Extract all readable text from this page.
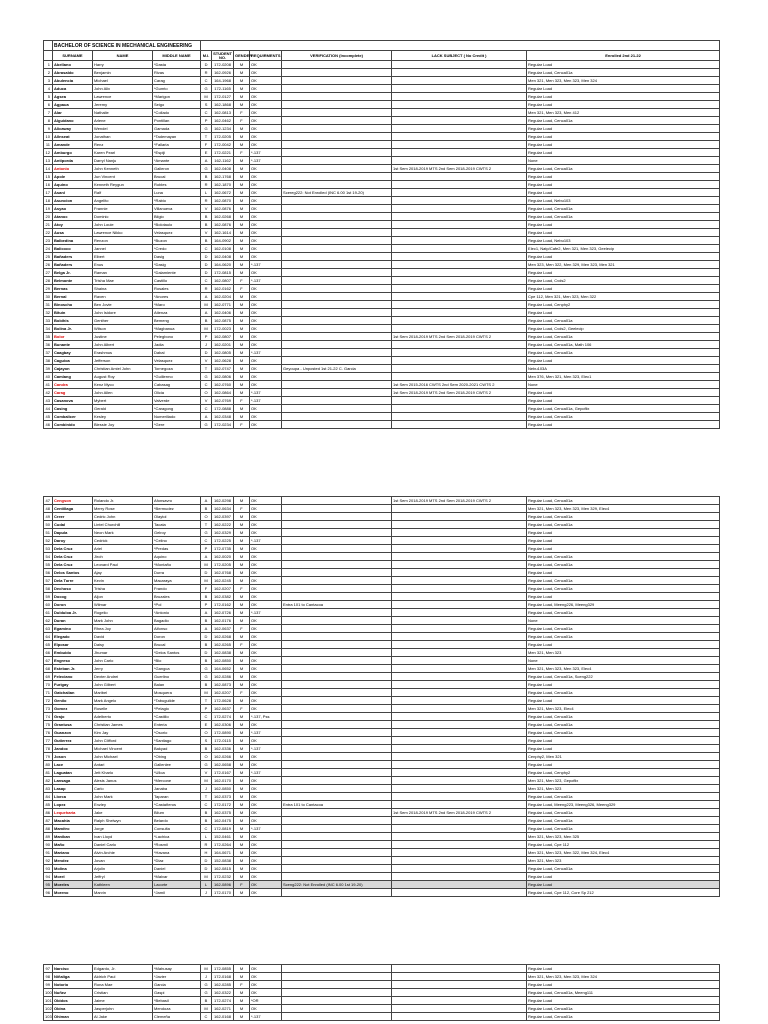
	BACHELOR OF SCIENCE IN MECHANICAL ENGINEERING									
	SURNAME	NAME	MIDDLE NAME	M.I.	STUDENT NO.	GENDER	REQUIRMENTS	VERIFICATION (Incomplete)	LACK SUBJECT ( No Credit )	Enrolled 2nd 21-22
1	Abellano	Harry	*Dasta	D	172-0208	M	OK			Regular Load
2	Abrasaldo	Benjamin	Rivas	R	162-0926	M	OK			Regular Load, Cenca01a
3	Abulencia	Michael	Carag	C	164-1968	M	OK			Men 321, Men 323, Men 323, Men 324
4	Aduca	John Alix	*Gumto	G	172-1165	M	OK			Regular Load
5	Agsea	Lawrence	*Marigon	M	172-0127	M	OK			Regular Load
6	Agpaua	Jeremy	Seigo	S	162-1868	M	OK			Regular Load
7	Alar	Nathalie	*Collado	C	162-0813	F	OK			Men 321, Men 323, Men 412
8	Alguidano	Arlene	Pontillan	P	162-0462	F	OK			Regular Load, Cenca01a
9	Alicaway	Wendel	Gamada	G	162-1234	M	OK			Regular Load
10	Allnseat	Jonathan	*Tademayan	T	172-0205	M	OK			Regular Load
11	Amande	Renz	*Fallaria	F	172-0042	M	OK			Regular Load
12	Amburgo	Karen Pearl	*Espiji	E	172-0221	F	*-137			Regular Load
13	Antiporda	Darryl Nanju	*Amante	A	162-1162	M	*-137			None
14	Antonio	John Kenneth	Galleron	G	162-0408	M	OK		1st Sem 2018-2019 MTS 2nd Sem 2018-2019 CWTS 2	Regular Load, Cenca01a
15	Apole	Jun Vincent	Brucal	B	162-1768	M	OK			Regular Load
16	Aquino	Kenneth Reygun	Robles	R	162-1870	M	OK			Regular Load
17	Asanl	Ralf	Luna	L	162-0672	M	OK	Scereg222: Not Enrolled (INC 6.00 1st 19-20)		Regular Load
18	Asuncion	Angelito	*Rabio	R	162-0870	M	OK			Regular Load, Nebu103
19	Asyao	Frannie	Villanueva	V	162-0876	M	OK			Regular Load, Cenca01a
20	Atanoc	Dominic	Bilgio	B	162-0268	M	OK			Regular Load, Cenca01a
21	Atoy	John Louie	*Bolotaulo	B	162-0876	M	OK			Regular Load
22	Ausa	Lawrence Nikko	Velasquez	V	162-1614	M	OK			Regular Load
23	Balbedina	Renzon	*Buzon	B	164-0902	M	OK			Regular Load, Nebu103
24	Balicoco	Jannel	*Credo	C	162-0108	M	OK			Elec1, Natp/Cafe2, Men 321, Men 323, Geelecip
25	Bañaders	Elbert	Dasig	D	162-0408	M	OK			Regular Load
26	Bañaders	Enus	*Dasig	D	164-0620	M	*-137			Men 323, Men 322, Men 329, Men 323, Men 321
27	Belga Jr.	Raman	*Dalamiente	D	172-0815	M	OK			Regular Load
28	Belmonte	Trisha Mae	Castillo	C	162-0807	F	*-137			Regular Load, Cvds2
29	Bernas	Shaina	Rosales	R	162-0162	F	OK			Regular Load
30	Bernal	Raven	*Anores	A	162-0204	M	OK			Cpe 112, Men 321, Men 323, Men 322
31	Binoscho	Ben Jovie	*Maro	M	162-0771	M	OK			Regular Load, Cenphy2
32	Bituin	John Isidore	Atienza	A	162-0406	M	OK			Regular Load
33	Bobihis	Genther	Bemeng	B	162-0875	M	OK			Regular Load, Cenca01a
34	Bolina Jr.	Wilson	*Magbanua	M	172-0023	M	OK			Regular Load, Cvds2, Geelecip
35	Bolor	Justine	Pelegbono	P	162-0807	M	OK		1st Sem 2018-2019 MTS 2nd Sem 2018-2019 CWTS 2	Regular Load, Cenca01a
36	Bunante	John Albert	Jadia	J	162-0201	M	OK			Regular Load, Cenca01a, Math 106
37	Caagbay	Erashmus	Dabal	D	162-0805	M	*-137			Regular Load, Cenca01a
38	Caguioa	Jefferson	Velasquez	V	162-0628	M	OK			Regular Load
39	Cajayon	Christian Amiel John	Tornegoza	T	152-0747	M	OK	Geyoupa - Unposted 1st 21-22 C. Garcia		Nebu103A
40	Camlang	August Roy	*Guillermo	G	162-0806	M	OK			Men 376, Men 321, Men 323, Elec1
41	Candra	Kenz Myco	Cabasag	C	162-0760	M	OK		1st Sem 2015-2016 CWTS 2nd Sem 2020-2021 CWTS 2	None
42	Carag	John Allen	Olicia	O	162-0864	M	*-137		1st Sem 2018-2019 MTS 2nd Sem 2018-2019 CWTS 2	Regular Load
43	Casanova	Mybert	Valverde	V	162-0769	F	*-137			Regular Load
44	Casing	Gerald	*Caragong	C	172-0888	M	OK			Regular Load, Cenca01a, Gepoflix
45	Combalicer	Kesley	Numeriliado	A	162-0348	M	OK			Regular Load, Cenca01a
46	Combinido	Blessie Joy	*Gere	G	172-0234	F	OK			Regular Load
47	Cengson	Rolando Jr.	Afonsavro	A	162-0298	M	OK		1st Sem 2018-2019 MTS 2nd Sem 2018-2019 CWTS 2	Regular Load, Cenca01a
48	Centillaga	Merry Rose	*Bermudez	B	162-0634	F	OK			Men 321, Men 323, Men 323, Men 329, Elec4
49	Creer	Cedric John	Olaytol	O	162-0397	M	OK			Regular Load, Cenca01a
50	Cudal	Lintel Churchill	Tacata	T	162-0222	M	OK			Regular Load, Cenca01a
51	Dapula	Neon Mark	Gelroy	G	162-0329	M	OK			Regular Load
52	Daroy	Cedrick	*Celino	C	172-0225	M	*-137			Regular Load
53	Dela Cruz	Ariel	*Predas	P	172-0735	M	OK			Regular Load
54	Dela Cruz	Jiroh	Aquino	A	162-0020	M	OK			Regular Load, Cenca01a
55	Dela Cruz	Leonard Paul	*Montaño	M	172-0205	M	OK			Regular Load, Cenca01a
56	Delos Santos	Ajay	Durra	D	162-0768	M	OK			Regular Load
57	Dela Torre	Kevin	Macaraya	M	162-0245	M	OK			Regular Load, Cenca01a
58	Dechoso	Trisha	Frando	F	162-0207	F	OK			Regular Load, Cenca01a
59	Docog	Aljon	Bruzales	B	162-0382	M	OK			Regular Load
60	Doron	Wilmar	*Pol	P	172-0162	M	OK	Entra 101 to Cantacoa		Regular Load, Meeng226, Meeng329
61	Dulduloa Jr.	Rogelio	*Antonio	A	162-0726	M	*-137			Regular Load, Cenca01a
62	Duran	Mark John	Bagadio	B	162-0176	M	OK			None
63	Egamino	Rhea Joy	Alfonso	A	162-0637	F	OK			Regular Load, Cenca01a
64	Elegado	David	Doron	D	162-0268	M	OK			Regular Load, Cenca01a
65	Elposar	Daisy	Brucal	B	162-0265	F	OK			Regular Load
66	Embuido	Jhumar	*Delos Santos	D	162-0838	M	OK			Men 321, Men 323
67	Engreso	John Carlo	*Bio	B	162-0850	M	OK			None
68	Esteban Jr.	Jerry	*Gangca	G	164-0652	M	OK			Men 321, Men 323, Men 323, Elec4
69	Feleciano	Dexter Andrei	Guerlino	G	162-0286	M	OK			Regular Load, Cenca01a, Sceng222
70	Furigay	John Gilbert	Balan	B	162-0873	M	OK			Regular Load
71	Gatchalian	Maribel	Mosquera	M	162-0207	F	OK			Regular Load, Cenca01a
72	Genilo	Mark Angelo	*Tabuguilde	T	172-0628	M	OK			Regular Load
73	Gomez	Roselle	*Pelagio	P	162-0637	F	OK			Men 321, Men 323, Elec4
74	Grajo	Adelberto	*Castillo	C	172-0274	M	*-137, Pss			Regular Load, Cenca01a
75	Grantusa	Christian James	Enteria	E	162-0306	M	OK			Regular Load, Cenca01a
76	Guanzon	Kim Jay	*Osorio	O	172-0890	M	*-137			Regular Load, Cenca01a
77	Gutierrez	John Clifford	*Santiago	S	172-0115	M	OK			Regular Load
78	Jandoc	Michael Vincent	Bakyad	B	162-0336	M	*-137			Regular Load
79	Joson	John Michael	*Obing	O	162-0266	M	OK			Cenphy2, Men 321
80	Lace	Antari	Gallenlee	G	162-0658	M	OK			Regular Load
81	Laguatan	Jett Kharlo	*Ulloa	V	172-0167	M	*-137			Regular Load, Cenphy2
82	Lansaga	Alesis Janus	*Mercone	M	162-0170	M	OK			Men 321, Men 323, Gepoflix
83	Lasap	Carlo	Janaba	J	162-0850	M	OK			Men 321, Men 323
84	Llorca	John Mark	Taparan	T	162-0373	M	OK			Regular Load, Cenca01a
85	Lopez	Enzley	*Castañeros	C	172-0172	M	OK	Entra 101 to Cantacoa		Regular Load, Meeng223, Meeng326, Meeng329
86	Lequeharia	Jake	Bilum	B	162-0375	M	OK		1st Sem 2018-2019 MTS 2nd Sem 2018-2019 CWTS 2	Regular Load, Cenca01a
87	Macahia	Ralph Shelwyn	Belardo	B	162-0475	M	OK			Regular Load, Cenca01a
88	Mamitro	Jorge	Consulta	C	172-0819	M	*-137			Regular Load, Cenca01a
89	Manikan	Ivan Lloyd	*Lachica	L	152-0461	M	OK			Men 321, Men 323, Men 325
90	Maño	Daniel Carlo	*Rosmil	R	172-0264	M	OK			Regular Load, Cpe 112
91	Mariano	Alvin Archie	*Havana	H	164-0671	M	OK			Men 321, Men 323, Men 322, Men 324, Elec4
92	Mendez	Jovan	*Diaz	D	152-0838	M	OK			Men 321, Men 323
93	Molina	Arjolin	Daniel	D	162-0815	M	OK			Regular Load, Cenca01a
94	Morel	Jeffryl	*Malvar	M	172-0232	M	OK			Regular Load
95	Moreles	Kathleen	Lacorte	L	162-0896	F	OK	Sceng222: Not Enrolled (INC 6.00 1st 19-20)		Regular Load
96	Moreno	Marvin	*Jamil	J	172-0170	M	OK			Regular Load, Cpe 112, Core Sp 212
97	Narciso	Edgardo, Jr.	*Mahusay	M	172-0855	M	OK			Regular Load
98	Niñaliga	Aldrich Paul	*Javier	J	172-0168	M	OK			Men 321, Men 323, Men 323, Men 324
99	Notorio	Rona Mae	Garcia	G	162-0285	F	OK			Regular Load
100	Nuñez	Cristian	Gaspi	G	162-0322	M	OK			Regular Load, Cenca01a, Meeng111
101	Obidos	Jaime	*Bebasil	B	172-0274	M	*OR			Regular Load
102	Obina	Jasperjohn	Mendoza	M	162-0271	M	OK			Regular Load, Cenca01a
103	Ohiman	Al Jake	Clemeña	C	162-0168	M	*-137			Regular Load, Cenca01a
